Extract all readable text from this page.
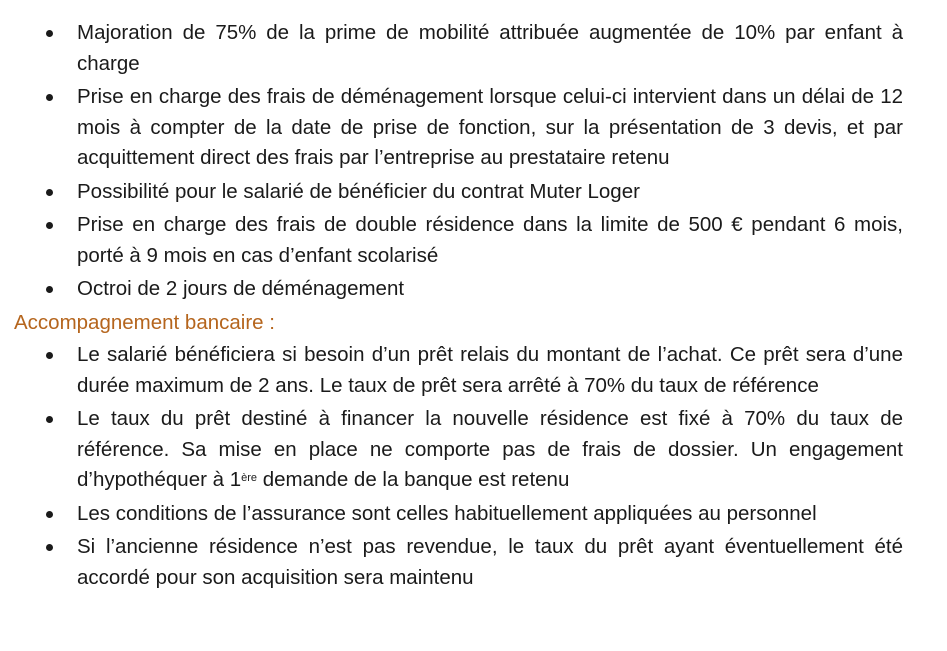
Majoration de 75% de la prime de mobilité attribuée augmentée de 10% par enfant à charge
Prise en charge des frais de déménagement lorsque celui-ci intervient dans un délai de 12 mois à compter de la date de prise de fonction, sur la présentation de 3 devis, et par acquittement direct des frais par l’entreprise au prestataire retenu
Possibilité pour le salarié de bénéficier du contrat Muter Loger
Prise en charge des frais de double résidence dans la limite de 500 € pendant 6 mois, porté à 9 mois en cas d’enfant scolarisé
Octroi de 2 jours de déménagement
Accompagnement bancaire :
Le salarié bénéficiera si besoin d’un prêt relais du montant de l’achat. Ce prêt sera d’une durée maximum de 2 ans. Le taux de prêt sera arrêté à 70% du taux de référence
Le taux du prêt destiné à financer la nouvelle résidence est fixé à 70% du taux de référence. Sa mise en place ne comporte pas de frais de dossier. Un engagement d’hypothéquer à 1ère demande de la banque est retenu
Les conditions de l’assurance sont celles habituellement appliquées au personnel
Si l’ancienne résidence n’est pas revendue, le taux du prêt ayant éventuellement été accordé pour son acquisition sera maintenu
